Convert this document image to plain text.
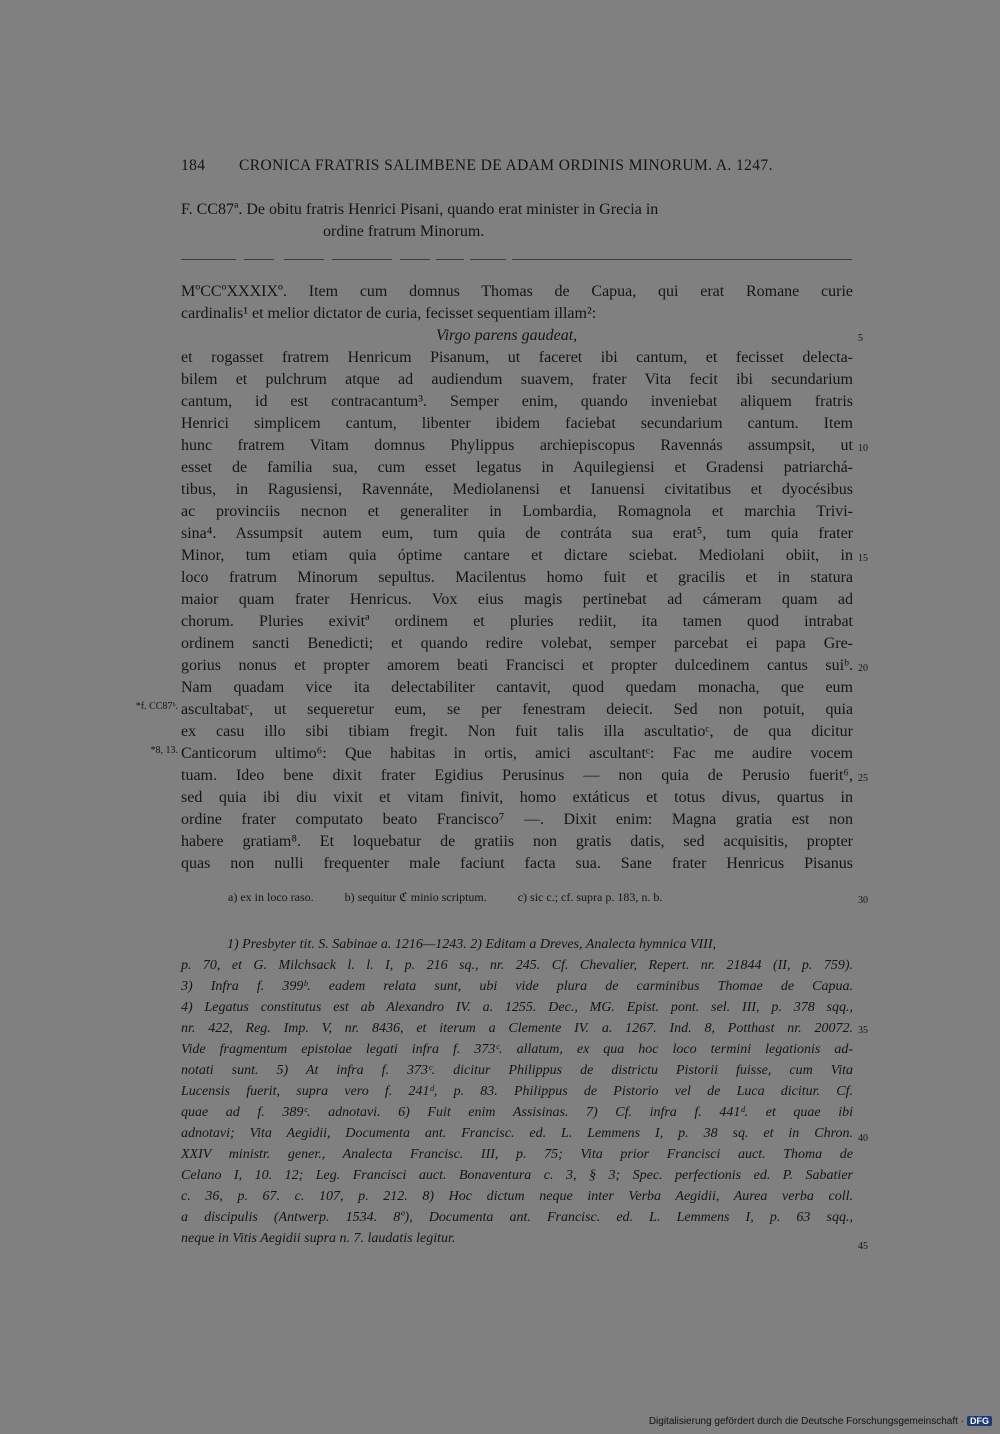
184 CRONICA FRATRIS SALIMBENE DE ADAM ORDINIS MINORUM. A. 1247.
F. CC87ª. De obitu fratris Henrici Pisani, quando erat minister in Grecia in
ordine fratrum Minorum.
MºCCºXXXIXº. Item cum domnus Thomas de Capua, qui erat Romane curie
cardinalis¹ et melior dictator de curia, fecisset sequentiam illam²:
Virgo parens gaudeat,
et rogasset fratrem Henricum Pisanum, ut faceret ibi cantum, et fecisset delecta-
bilem et pulchrum atque ad audiendum suavem, frater Vita fecit ibi secundarium
cantum, id est contracantum³. Semper enim, quando inveniebat aliquem fratris
Henrici simplicem cantum, libenter ibidem faciebat secundarium cantum. Item
hunc fratrem Vitam domnus Phylippus archiepiscopus Ravennás assumpsit, ut
esset de familia sua, cum esset legatus in Aquilegiensi et Gradensi patriarchá-
tibus, in Ragusiensi, Ravennáte, Mediolanensi et Ianuensi civitatibus et dyocésibus
ac provinciis necnon et generaliter in Lombardia, Romagnola et marchia Trivi-
sina⁴. Assumpsit autem eum, tum quia de contráta sua erat⁵, tum quia frater
Minor, tum etiam quia óptime cantare et dictare sciebat. Mediolani obiit, in
loco fratrum Minorum sepultus. Macilentus homo fuit et gracilis et in statura
maior quam frater Henricus. Vox eius magis pertinebat ad cámeram quam ad
chorum. Pluries exivitª ordinem et pluries rediit, ita tamen quod intrabat
ordinem sancti Benedicti; et quando redire volebat, semper parcebat ei papa Gre-
gorius nonus et propter amorem beati Francisci et propter dulcedinem cantus suiᵇ.
Nam quadam vice ita delectabiliter cantavit, quod quedam monacha, que eum
ascultabatᶜ, ut sequeretur eum, se per fenestram deiecit. Sed non potuit, quia
ex casu illo sibi tibiam fregit. Non fuit talis illa ascultatioᶜ, de qua dicitur
Canticorum ultimo⁶: Que habitas in ortis, amici ascultantᶜ: Fac me audire vocem
tuam. Ideo bene dixit frater Egidius Perusinus — non quia de Perusio fuerit⁶,
sed quia ibi diu vixit et vitam finivit, homo extáticus et totus divus, quartus in
ordine frater computato beato Francisco⁷ —. Dixit enim: Magna gratia est non
habere gratiam⁸. Et loquebatur de gratiis non gratis datis, sed acquisitis, propter
quas non nulli frequenter male faciunt facta sua. Sane frater Henricus Pisanus
*f. CC87ᵇ.
*8, 13.
5
10
15
20
25
30
35
40
45
a) ex in loco raso.	b) sequitur ℭ minio scriptum.	c) sic c.; cf. supra p. 183, n. b.
1) Presbyter tit. S. Sabinae a. 1216—1243. 2) Editam a Dreves, Analecta hymnica VIII,
p. 70, et G. Milchsack l. l. I, p. 216 sq., nr. 245. Cf. Chevalier, Repert. nr. 21844 (II, p. 759).
3) Infra f. 399ᵇ. eadem relata sunt, ubi vide plura de carminibus Thomae de Capua.
4) Legatus constitutus est ab Alexandro IV. a. 1255. Dec., MG. Epist. pont. sel. III, p. 378 sqq.,
nr. 422, Reg. Imp. V, nr. 8436, et iterum a Clemente IV. a. 1267. Ind. 8, Potthast nr. 20072.
Vide fragmentum epistolae legati infra f. 373ᶜ. allatum, ex qua hoc loco termini legationis ad-
notati sunt. 5) At infra f. 373ᶜ. dicitur Philippus de districtu Pistorii fuisse, cum Vita
Lucensis fuerit, supra vero f. 241ᵈ, p. 83. Philippus de Pistorio vel de Luca dicitur. Cf.
quae ad f. 389ᶜ. adnotavi. 6) Fuit enim Assisinas. 7) Cf. infra f. 441ᵈ. et quae ibi
adnotavi; Vita Aegidii, Documenta ant. Francisc. ed. L. Lemmens I, p. 38 sq. et in Chron.
XXIV ministr. gener., Analecta Francisc. III, p. 75; Vita prior Francisci auct. Thoma de
Celano I, 10. 12; Leg. Francisci auct. Bonaventura c. 3, § 3; Spec. perfectionis ed. P. Sabatier
c. 36, p. 67. c. 107, p. 212. 8) Hoc dictum neque inter Verba Aegidii, Aurea verba coll.
a discipulis (Antwerp. 1534. 8º), Documenta ant. Francisc. ed. L. Lemmens I, p. 63 sqq.,
neque in Vitis Aegidii supra n. 7. laudatis legitur.
Digitalisierung gefördert durch die Deutsche Forschungsgemeinschaft · DFG
